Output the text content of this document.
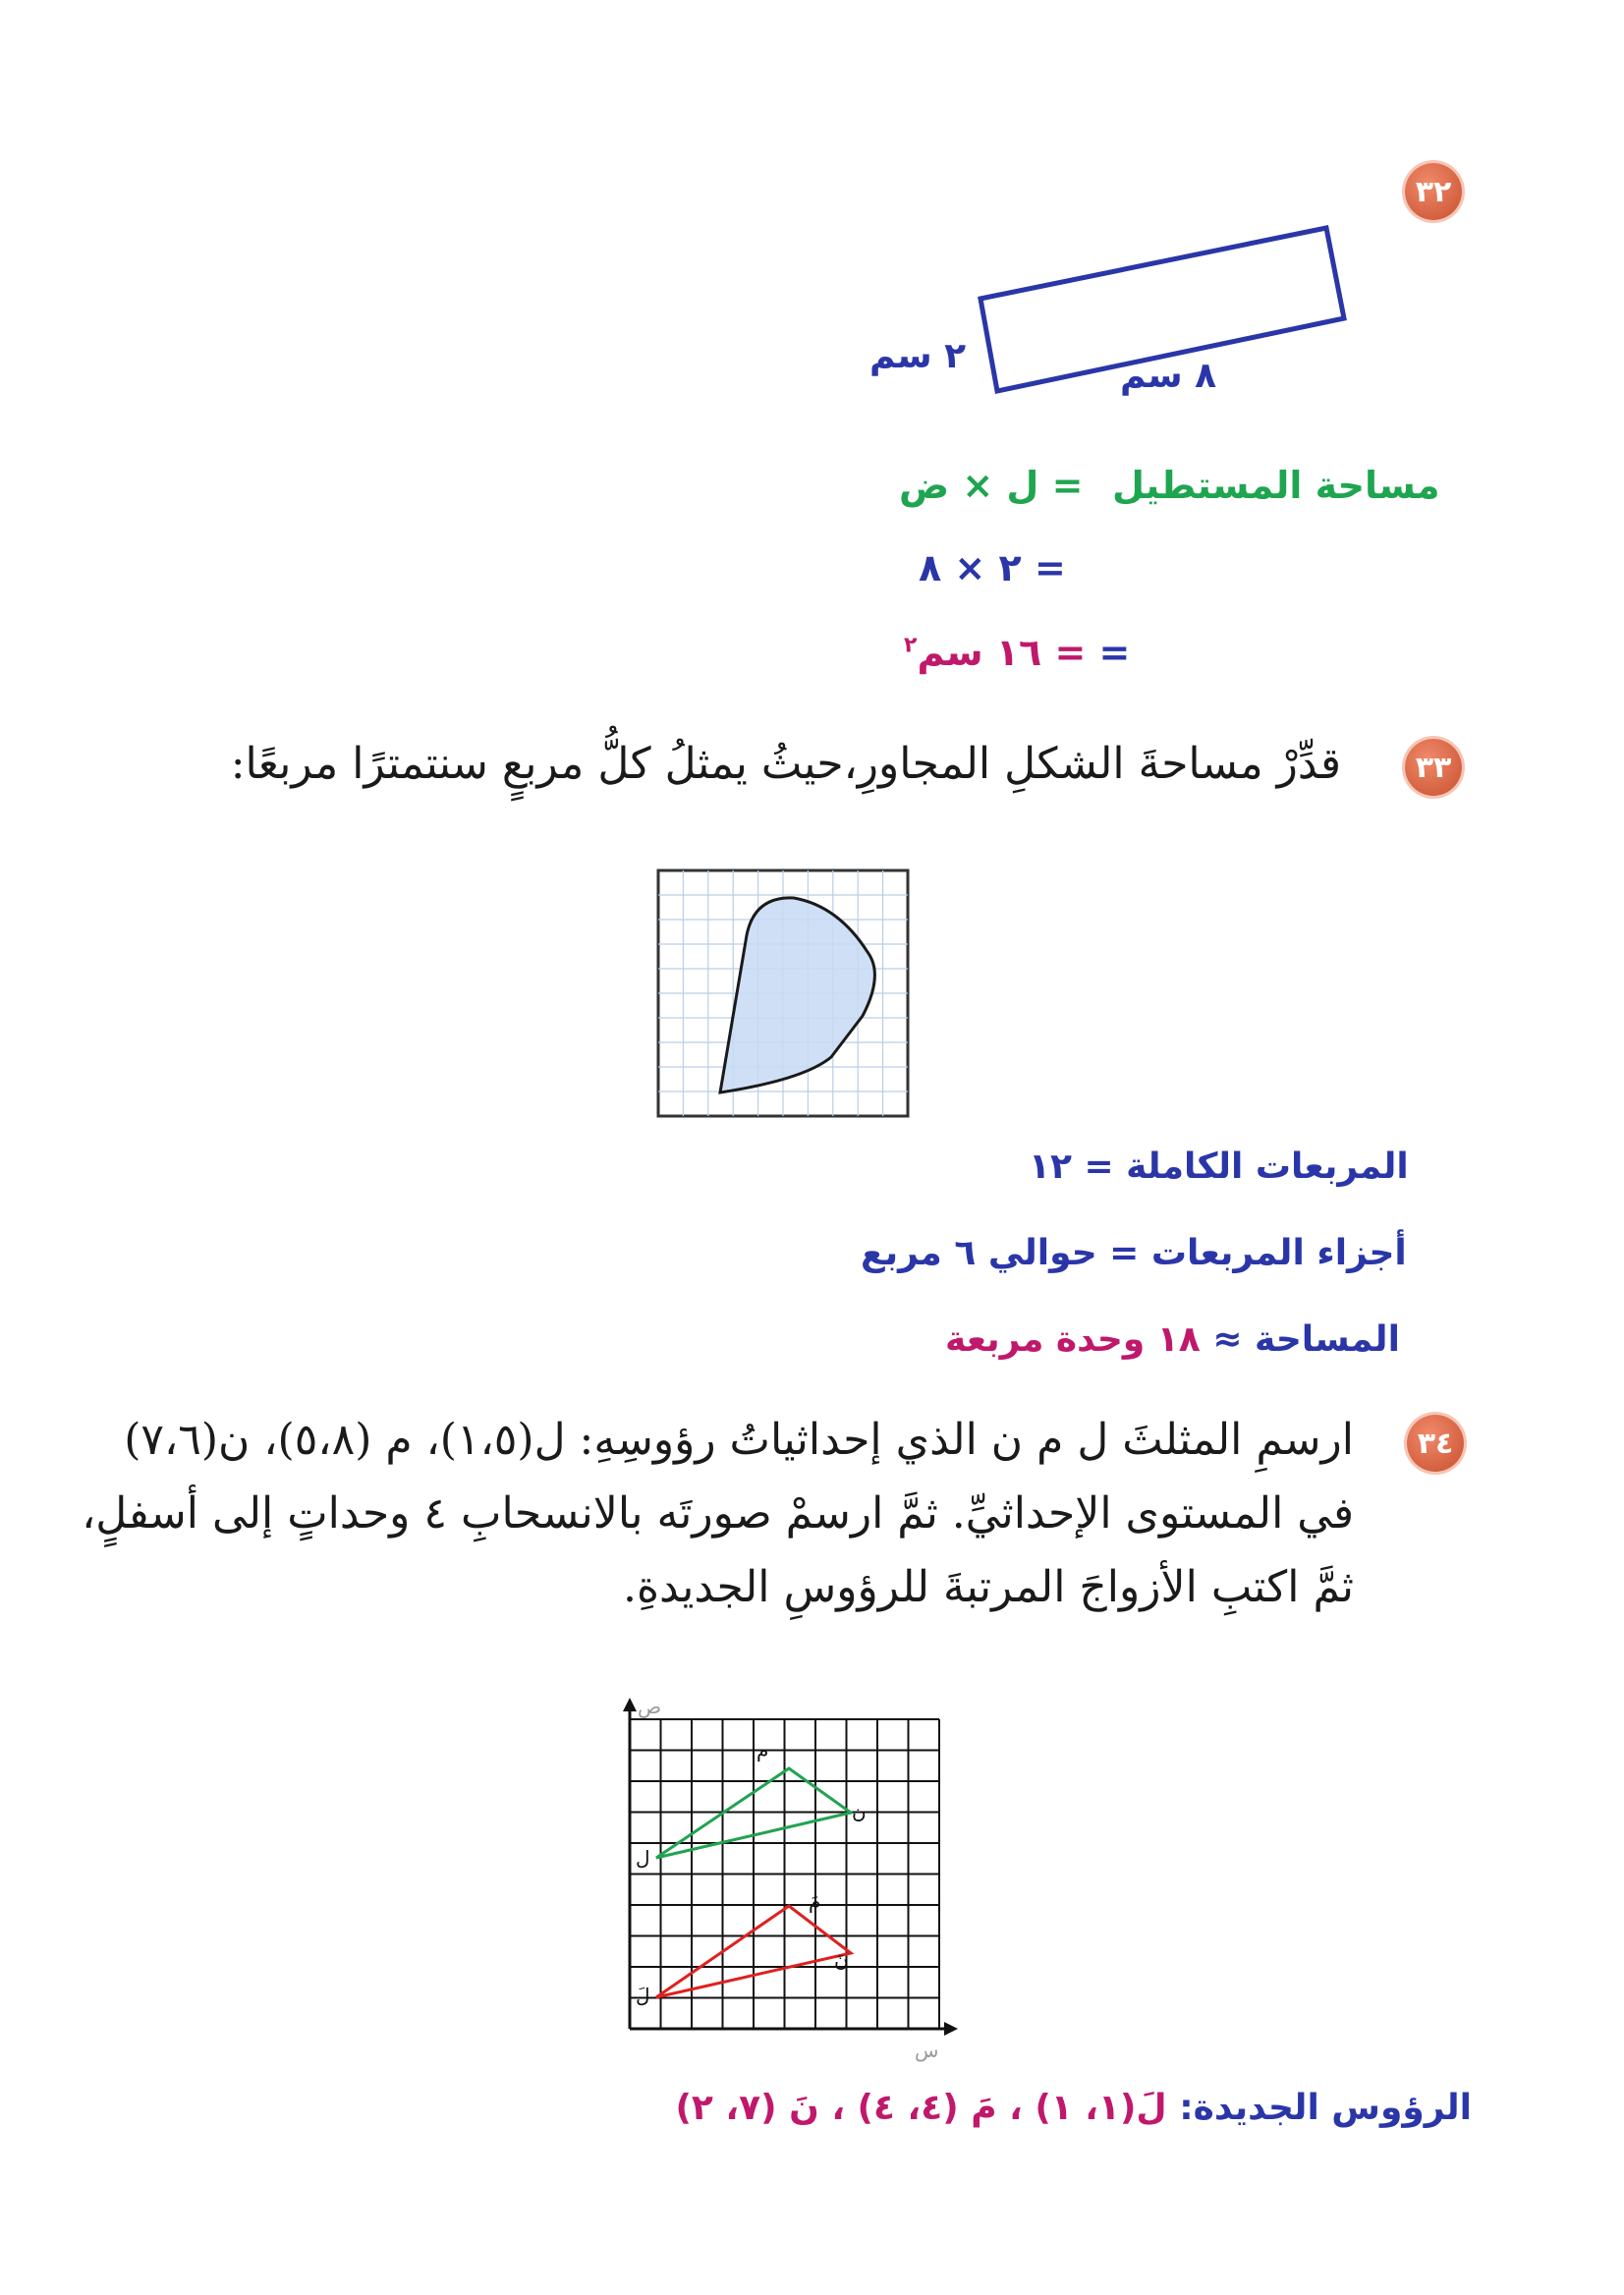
٣٢
٢ سم	٨ سم
مساحة المستطيل
= ل × ض
= ٢ × ٨
= = ١٦ سم$^٢$
٣٣
قدِّرْ مساحةَ الشكلِ المجاورِ،حيثُ يمثلُ كلُّ مربعٍ سنتمترًا مربعًا:
المربعات الكاملة = ١٢
أجزاء المربعات = حوالي ٦ مربع
المساحة ≈ ١٨ وحدة مربعة
٣٤
ارسمِ المثلثَ ل م ن الذي إحداثياتُ رؤوسِهِ: ل(١،٥)، م (٥،٨)، ن(٧،٦)
في المستوى الإحداثيِّ. ثمَّ ارسمْ صورتَه بالانسحابِ ٤ وحداتٍ إلى أسفلٍ،
ثمَّ اكتبِ الأزواجَ المرتبةَ للرؤوسِ الجديدةِ.
ص
س
ل
م
ن
لَ
مَ
نَ
الرؤوس الجديدة: لَ(١، ١) ، مَ (٤، ٤) ، نَ (٧، ٢)
